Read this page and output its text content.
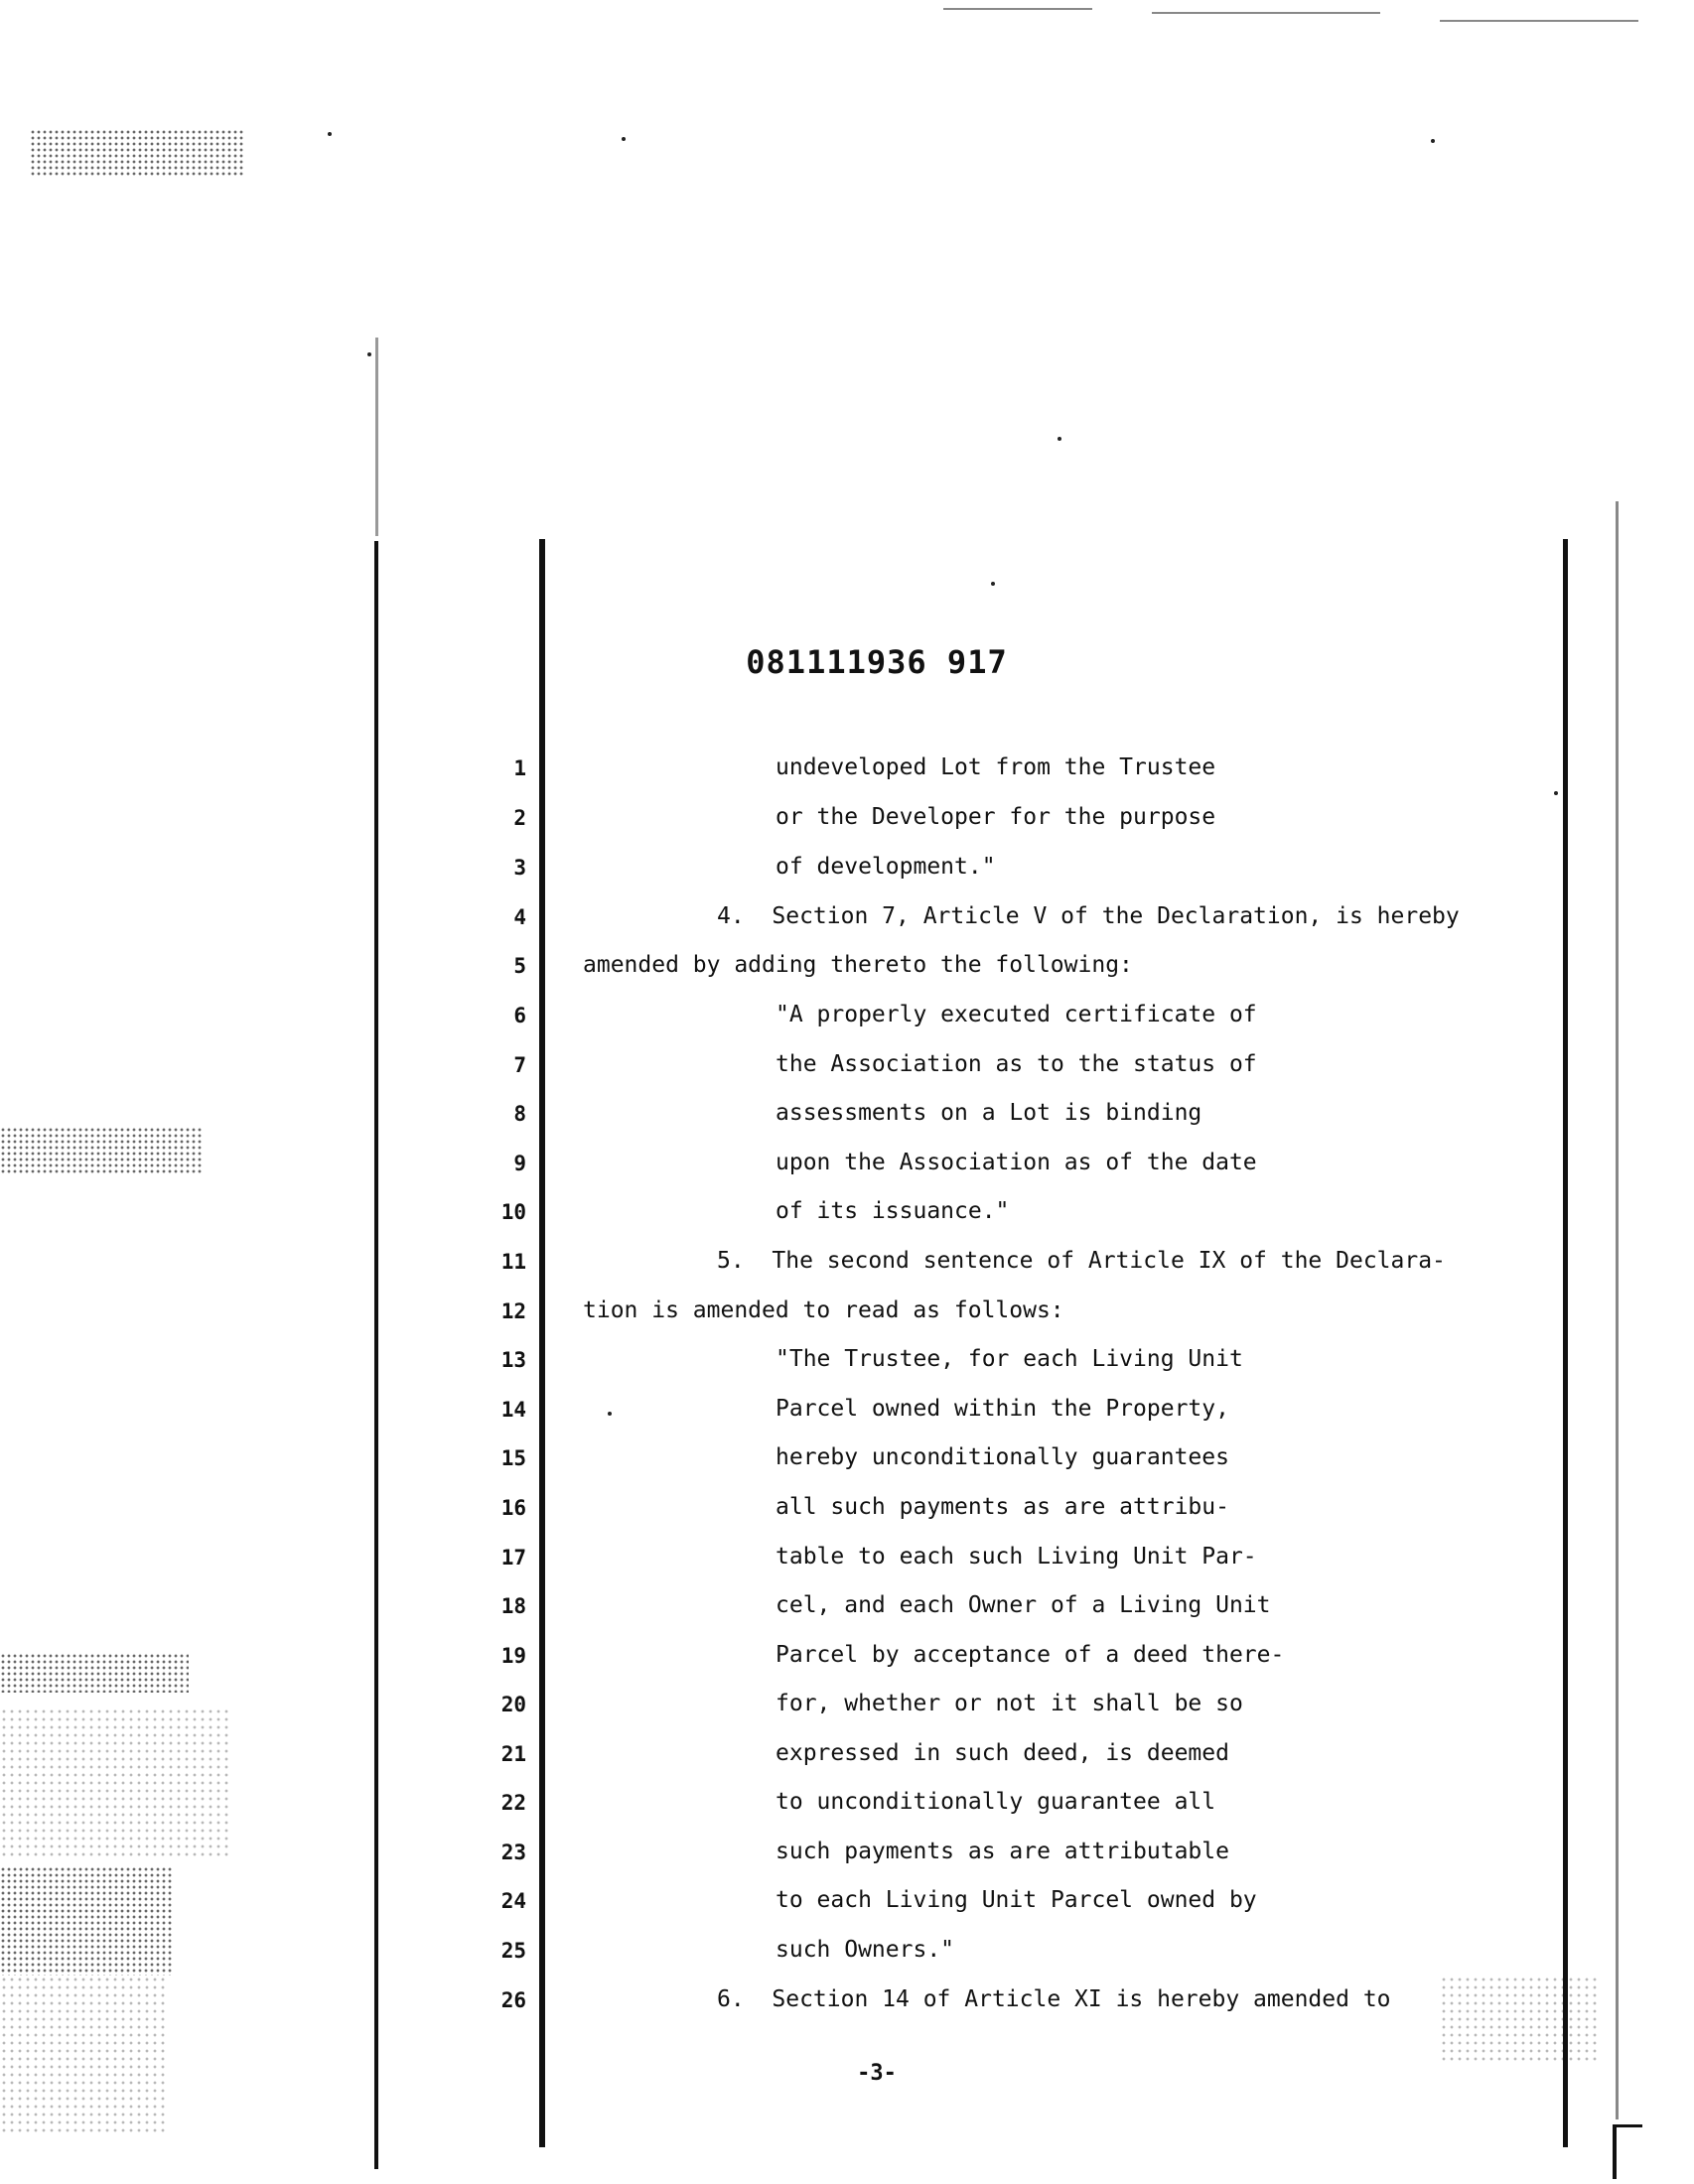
081111936 917
1	undeveloped Lot from the Trustee
2	or the Developer for the purpose
3	of development."
4	4.  Section 7, Article V of the Declaration, is hereby
5 amended by adding thereto the following:
6	"A properly executed certificate of
7	the Association as to the status of
8	assessments on a Lot is binding
9	upon the Association as of the date
10	of its issuance."
11	5.  The second sentence of Article IX of the Declara-
12 tion is amended to read as follows:
13	"The Trustee, for each Living Unit
14	Parcel owned within the Property,
15	hereby unconditionally guarantees
16	all such payments as are attribu-
17	table to each such Living Unit Par-
18	cel, and each Owner of a Living Unit
19	Parcel by acceptance of a deed there-
20	for, whether or not it shall be so
21	expressed in such deed, is deemed
22	to unconditionally guarantee all
23	such payments as are attributable
24	to each Living Unit Parcel owned by
25	such Owners."
26	6.  Section 14 of Article XI is hereby amended to
-3-
